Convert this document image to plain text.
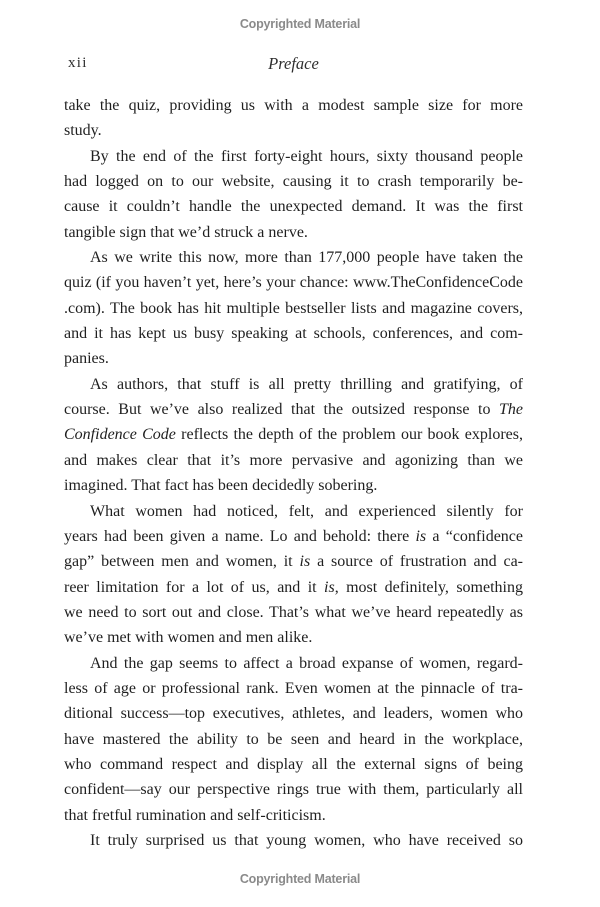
Copyrighted Material
xii	Preface
take the quiz, providing us with a modest sample size for more
study.
By the end of the first forty-eight hours, sixty thousand people
had logged on to our website, causing it to crash temporarily be-
cause it couldn’t handle the unexpected demand. It was the first
tangible sign that we’d struck a nerve.
As we write this now, more than 177,000 people have taken the
quiz (if you haven’t yet, here’s your chance: www.TheConfidenceCode
.com). The book has hit multiple bestseller lists and magazine covers,
and it has kept us busy speaking at schools, conferences, and com-
panies.
As authors, that stuff is all pretty thrilling and gratifying, of
course. But we’ve also realized that the outsized response to The
Confidence Code reflects the depth of the problem our book explores,
and makes clear that it’s more pervasive and agonizing than we
imagined. That fact has been decidedly sobering.
What women had noticed, felt, and experienced silently for
years had been given a name. Lo and behold: there is a “confidence
gap” between men and women, it is a source of frustration and ca-
reer limitation for a lot of us, and it is, most definitely, something
we need to sort out and close. That’s what we’ve heard repeatedly as
we’ve met with women and men alike.
And the gap seems to affect a broad expanse of women, regard-
less of age or professional rank. Even women at the pinnacle of tra-
ditional success—top executives, athletes, and leaders, women who
have mastered the ability to be seen and heard in the workplace,
who command respect and display all the external signs of being
confident—say our perspective rings true with them, particularly all
that fretful rumination and self-criticism.
It truly surprised us that young women, who have received so
Copyrighted Material
